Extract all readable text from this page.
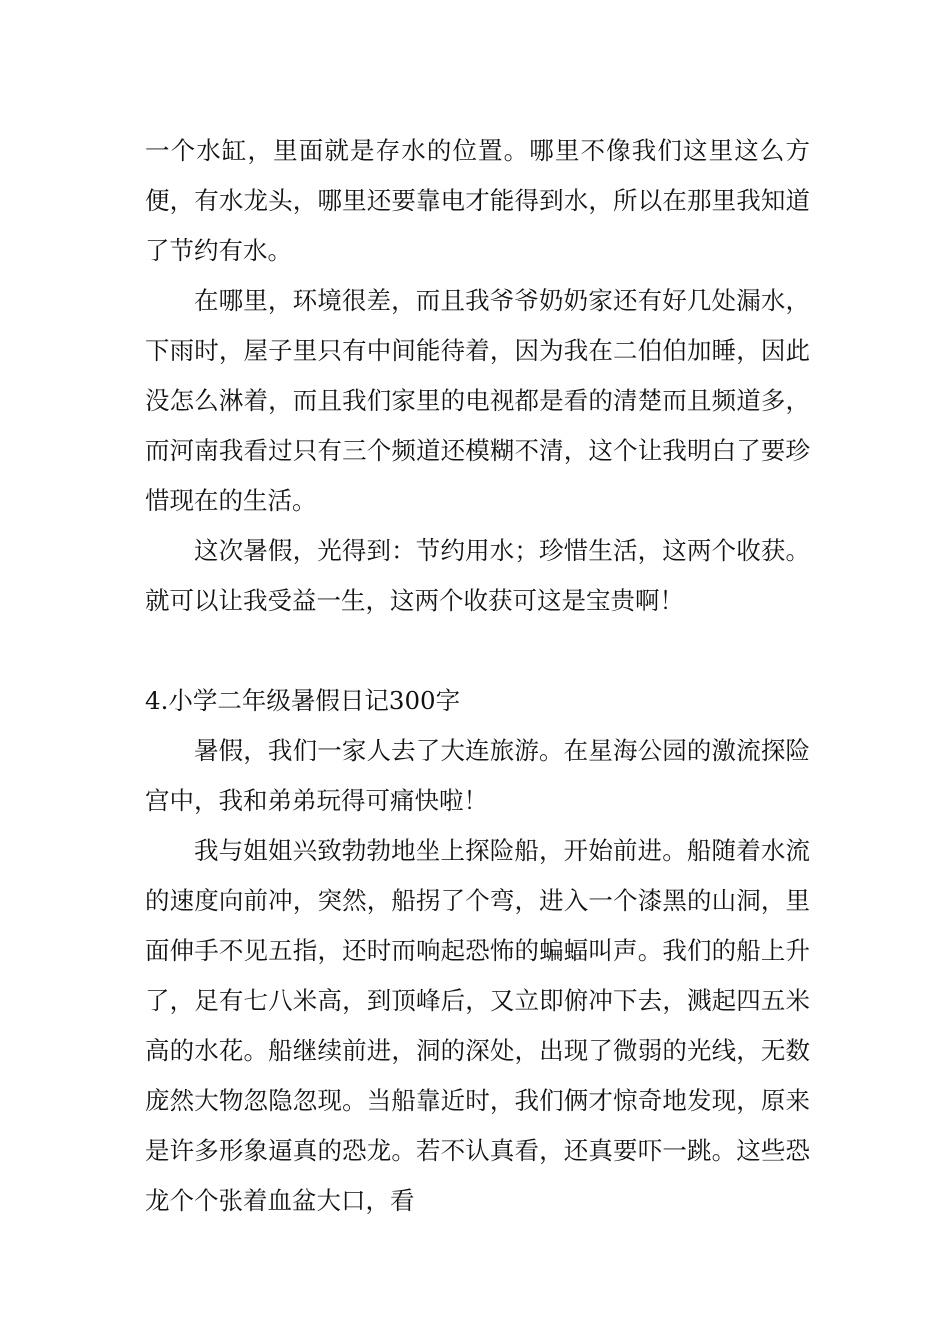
一个水缸，里面就是存水的位置。哪里不像我们这里这么方便，有水龙头，哪里还要靠电才能得到水，所以在那里我知道了节约有水。

在哪里，环境很差，而且我爷爷奶奶家还有好几处漏水，下雨时，屋子里只有中间能待着，因为我在二伯伯加睡，因此没怎么淋着，而且我们家里的电视都是看的清楚而且频道多，而河南我看过只有三个频道还模糊不清，这个让我明白了要珍惜现在的生活。

这次暑假，光得到：节约用水；珍惜生活，这两个收获。就可以让我受益一生，这两个收获可这是宝贵啊！

4.小学二年级暑假日记300字

暑假，我们一家人去了大连旅游。在星海公园的激流探险宫中，我和弟弟玩得可痛快啦！

我与姐姐兴致勃勃地坐上探险船，开始前进。船随着水流的速度向前冲，突然，船拐了个弯，进入一个漆黑的山洞，里面伸手不见五指，还时而响起恐怖的蝙蝠叫声。我们的船上升了，足有七八米高，到顶峰后，又立即俯冲下去，溅起四五米高的水花。船继续前进，洞的深处，出现了微弱的光线，无数庞然大物忽隐忽现。当船靠近时，我们俩才惊奇地发现，原来是许多形象逼真的恐龙。若不认真看，还真要吓一跳。这些恐龙个个张着血盆大口，看
